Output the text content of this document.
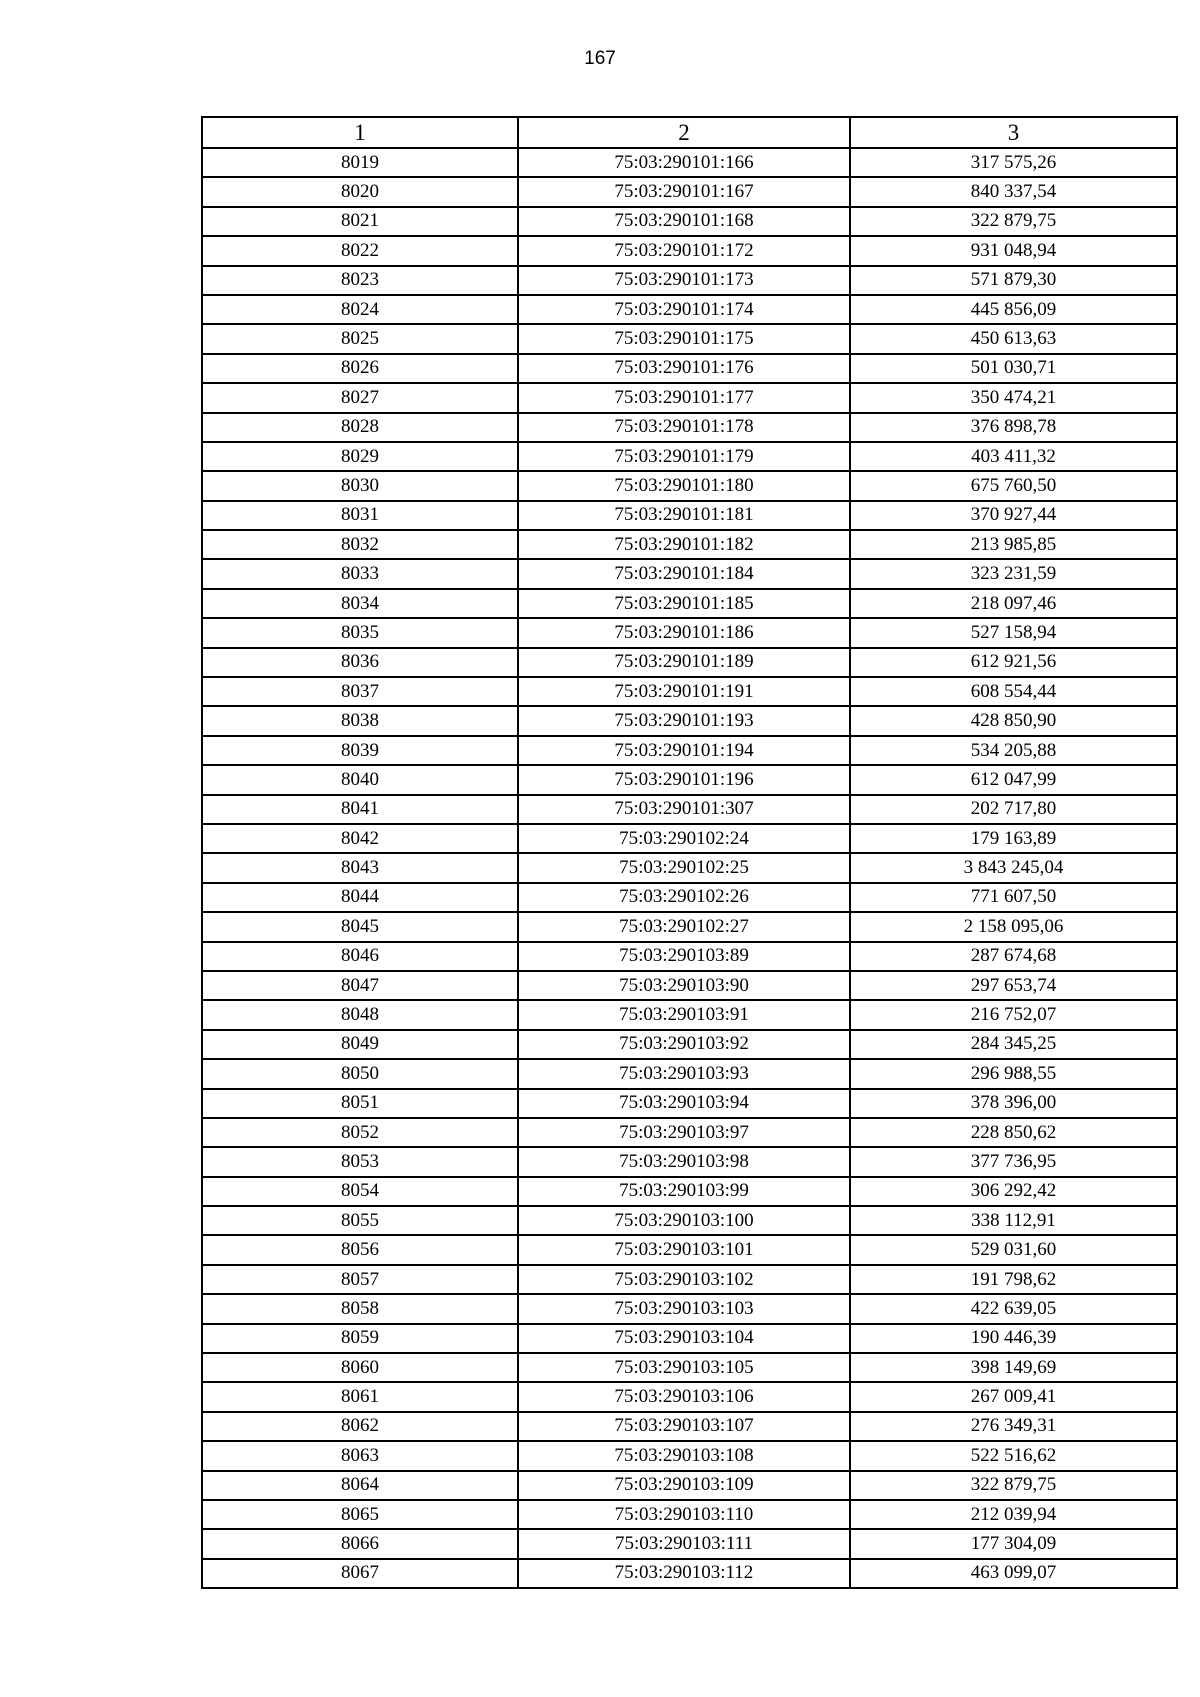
167
1	2	3
8019	75:03:290101:166	317 575,26
8020	75:03:290101:167	840 337,54
8021	75:03:290101:168	322 879,75
8022	75:03:290101:172	931 048,94
8023	75:03:290101:173	571 879,30
8024	75:03:290101:174	445 856,09
8025	75:03:290101:175	450 613,63
8026	75:03:290101:176	501 030,71
8027	75:03:290101:177	350 474,21
8028	75:03:290101:178	376 898,78
8029	75:03:290101:179	403 411,32
8030	75:03:290101:180	675 760,50
8031	75:03:290101:181	370 927,44
8032	75:03:290101:182	213 985,85
8033	75:03:290101:184	323 231,59
8034	75:03:290101:185	218 097,46
8035	75:03:290101:186	527 158,94
8036	75:03:290101:189	612 921,56
8037	75:03:290101:191	608 554,44
8038	75:03:290101:193	428 850,90
8039	75:03:290101:194	534 205,88
8040	75:03:290101:196	612 047,99
8041	75:03:290101:307	202 717,80
8042	75:03:290102:24	179 163,89
8043	75:03:290102:25	3 843 245,04
8044	75:03:290102:26	771 607,50
8045	75:03:290102:27	2 158 095,06
8046	75:03:290103:89	287 674,68
8047	75:03:290103:90	297 653,74
8048	75:03:290103:91	216 752,07
8049	75:03:290103:92	284 345,25
8050	75:03:290103:93	296 988,55
8051	75:03:290103:94	378 396,00
8052	75:03:290103:97	228 850,62
8053	75:03:290103:98	377 736,95
8054	75:03:290103:99	306 292,42
8055	75:03:290103:100	338 112,91
8056	75:03:290103:101	529 031,60
8057	75:03:290103:102	191 798,62
8058	75:03:290103:103	422 639,05
8059	75:03:290103:104	190 446,39
8060	75:03:290103:105	398 149,69
8061	75:03:290103:106	267 009,41
8062	75:03:290103:107	276 349,31
8063	75:03:290103:108	522 516,62
8064	75:03:290103:109	322 879,75
8065	75:03:290103:110	212 039,94
8066	75:03:290103:111	177 304,09
8067	75:03:290103:112	463 099,07
